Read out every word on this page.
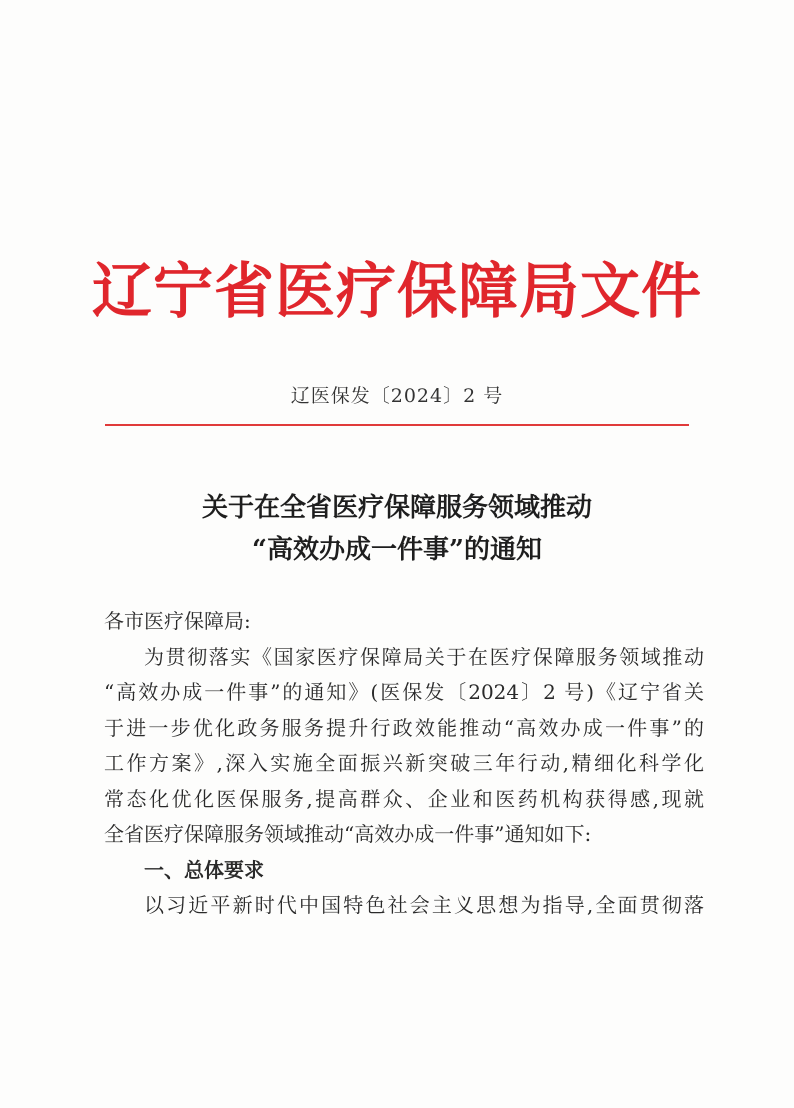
辽宁省医疗保障局文件
辽医保发〔2024〕2 号
关于在全省医疗保障服务领域推动
“高效办成一件事”的通知
各市医疗保障局:
为贯彻落实《国家医疗保障局关于在医疗保障服务领域推动
“高效办成一件事”的通知》(医保发〔2024〕2 号)《辽宁省关
于进一步优化政务服务提升行政效能推动“高效办成一件事”的
工作方案》,深入实施全面振兴新突破三年行动,精细化科学化
常态化优化医保服务,提高群众、企业和医药机构获得感,现就
全省医疗保障服务领域推动“高效办成一件事”通知如下:
一、总体要求
以习近平新时代中国特色社会主义思想为指导,全面贯彻落
